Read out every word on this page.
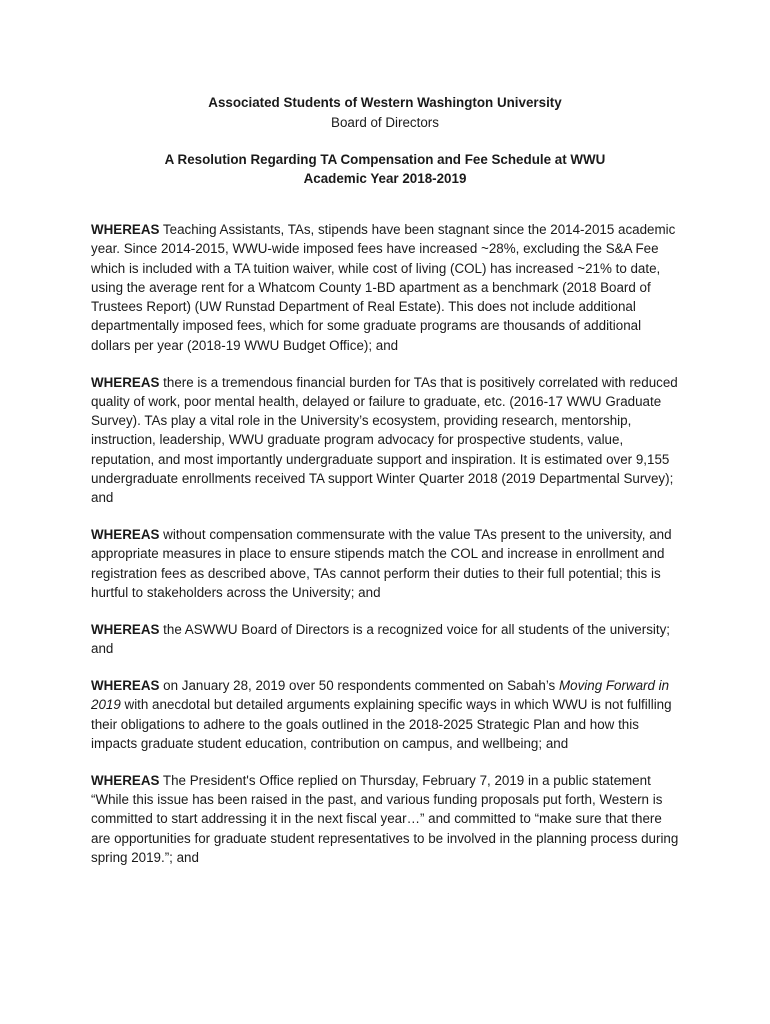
Associated Students of Western Washington University
Board of Directors
A Resolution Regarding TA Compensation and Fee Schedule at WWU
Academic Year 2018-2019

WHEREAS Teaching Assistants, TAs, stipends have been stagnant since the 2014-2015 academic year. Since 2014-2015, WWU-wide imposed fees have increased ~28%, excluding the S&A Fee which is included with a TA tuition waiver, while cost of living (COL) has increased ~21% to date, using the average rent for a Whatcom County 1-BD apartment as a benchmark (2018 Board of Trustees Report) (UW Runstad Department of Real Estate). This does not include additional departmentally imposed fees, which for some graduate programs are thousands of additional dollars per year (2018-19 WWU Budget Office); and

WHEREAS there is a tremendous financial burden for TAs that is positively correlated with reduced quality of work, poor mental health, delayed or failure to graduate, etc. (2016-17 WWU Graduate Survey). TAs play a vital role in the University’s ecosystem, providing research, mentorship, instruction, leadership, WWU graduate program advocacy for prospective students, value, reputation, and most importantly undergraduate support and inspiration. It is estimated over 9,155 undergraduate enrollments received TA support Winter Quarter 2018 (2019 Departmental Survey); and

WHEREAS without compensation commensurate with the value TAs present to the university, and appropriate measures in place to ensure stipends match the COL and increase in enrollment and registration fees as described above, TAs cannot perform their duties to their full potential; this is hurtful to stakeholders across the University; and

WHEREAS the ASWWU Board of Directors is a recognized voice for all students of the university; and

WHEREAS on January 28, 2019 over 50 respondents commented on Sabah’s Moving Forward in 2019 with anecdotal but detailed arguments explaining specific ways in which WWU is not fulfilling their obligations to adhere to the goals outlined in the 2018-2025 Strategic Plan and how this impacts graduate student education, contribution on campus, and wellbeing; and

WHEREAS The President's Office replied on Thursday, February 7, 2019 in a public statement “While this issue has been raised in the past, and various funding proposals put forth, Western is committed to start addressing it in the next fiscal year…” and committed to “make sure that there are opportunities for graduate student representatives to be involved in the planning process during spring 2019.”; and
